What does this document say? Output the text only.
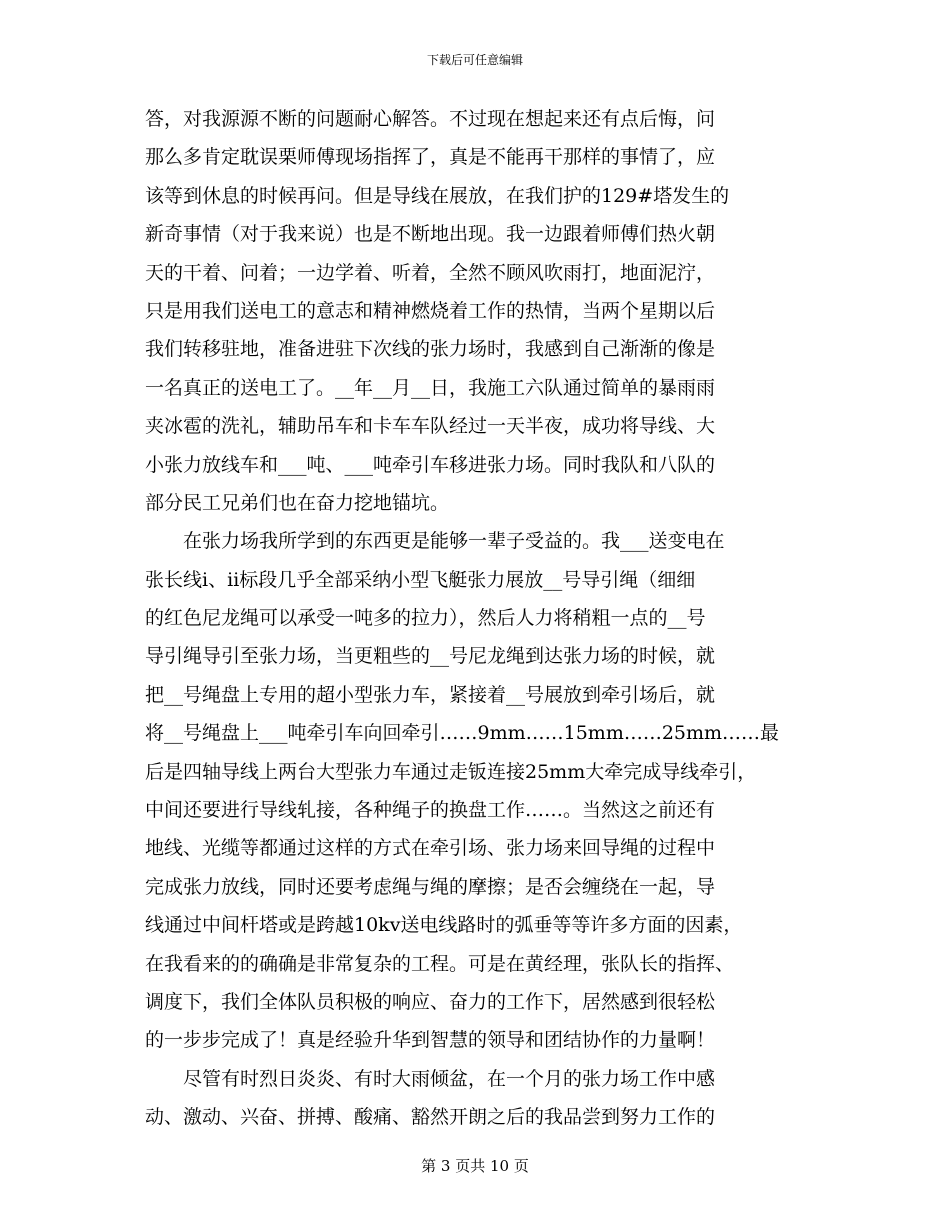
下载后可任意编辑
答，对我源源不断的问题耐心解答。不过现在想起来还有点后悔，问
那么多肯定耽误栗师傅现场指挥了，真是不能再干那样的事情了，应
该等到休息的时候再问。但是导线在展放，在我们护的129#塔发生的
新奇事情（对于我来说）也是不断地出现。我一边跟着师傅们热火朝
天的干着、问着；一边学着、听着，全然不顾风吹雨打，地面泥泞，
只是用我们送电工的意志和精神燃烧着工作的热情，当两个星期以后
我们转移驻地，准备进驻下次线的张力场时，我感到自己渐渐的像是
一名真正的送电工了。__年__月__日，我施工六队通过简单的暴雨雨
夹冰雹的洗礼，辅助吊车和卡车车队经过一天半夜，成功将导线、大
小张力放线车和___吨、___吨牵引车移进张力场。同时我队和八队的
部分民工兄弟们也在奋力挖地锚坑。
　　在张力场我所学到的东西更是能够一辈子受益的。我___送变电在
张长线ⅰ、ⅱ标段几乎全部采纳小型飞艇张力展放__号导引绳（细细
的红色尼龙绳可以承受一吨多的拉力），然后人力将稍粗一点的__号
导引绳导引至张力场，当更粗些的__号尼龙绳到达张力场的时候，就
把__号绳盘上专用的超小型张力车，紧接着__号展放到牵引场后，就
将__号绳盘上___吨牵引车向回牵引……9mm……15mm……25mm……最
后是四轴导线上两台大型张力车通过走钣连接25mm大牵完成导线牵引，
中间还要进行导线轧接，各种绳子的换盘工作……。当然这之前还有
地线、光缆等都通过这样的方式在牵引场、张力场来回导绳的过程中
完成张力放线，同时还要考虑绳与绳的摩擦；是否会缠绕在一起，导
线通过中间杆塔或是跨越10kv送电线路时的弧垂等等许多方面的因素，
在我看来的的确确是非常复杂的工程。可是在黄经理，张队长的指挥、
调度下，我们全体队员积极的响应、奋力的工作下，居然感到很轻松
的一步步完成了！真是经验升华到智慧的领导和团结协作的力量啊！
　　尽管有时烈日炎炎、有时大雨倾盆，在一个月的张力场工作中感
动、激动、兴奋、拼搏、酸痛、豁然开朗之后的我品尝到努力工作的
第 3 页共 10 页
